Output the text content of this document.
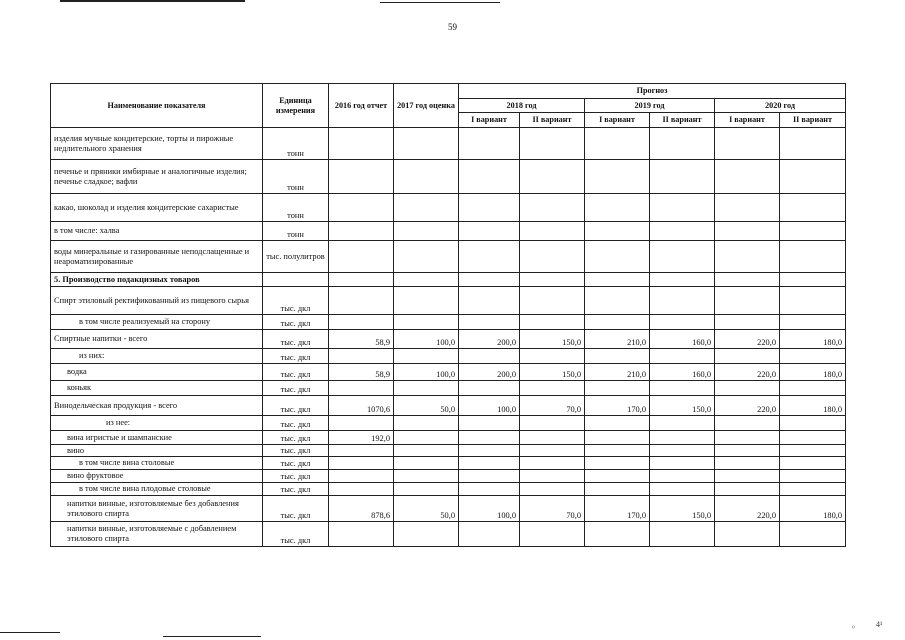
59
Наименование показателя	Единица измерения	2016 год отчет	2017 год оценка	Прогноз					
				2018 год		2019 год		2020 год	
				I вариант	II вариант	I вариант	II вариант	I вариант	II вариант
изделия мучные кондитерские, торты и пирожные недлительного хранения	тонн								
печенье и пряники имбирные и аналогичные изделия; печенье сладкое; вафли	тонн								
какао, шоколад и изделия кондитерские сахаристые	тонн								
в том числе: халва	тонн								
воды минеральные и газированные неподслащенные и неароматизированные	тыс. полулитров								
5. Производство подакцизных товаров									
Спирт этиловый ректификованный из пищевого сырья	тыс. дкл								
в том числе реализуемый на сторону	тыс. дкл								
Спиртные напитки - всего	тыс. дкл	58,9	100,0	200,0	150,0	210,0	160,0	220,0	180,0
из них:	тыс. дкл								
водка	тыс. дкл	58,9	100,0	200,0	150,0	210,0	160,0	220,0	180,0
коньяк	тыс. дкл								
Винодельческая продукция - всего	тыс. дкл	1070,6	50,0	100,0	70,0	170,0	150,0	220,0	180,0
из нее:	тыс. дкл								
вина игристые и шампанские	тыс. дкл	192,0							
вино	тыс. дкл								
в том числе вина столовые	тыс. дкл								
вино фруктовое	тыс. дкл								
в том числе вина плодовые столовые	тыс. дкл								
напитки винные, изготовляемые без добавления этилового спирта	тыс. дкл	878,6	50,0	100,0	70,0	170,0	150,0	220,0	180,0
напитки винные, изготовляемые с добавлением этилового спирта	тыс. дкл								
₀	4¹
